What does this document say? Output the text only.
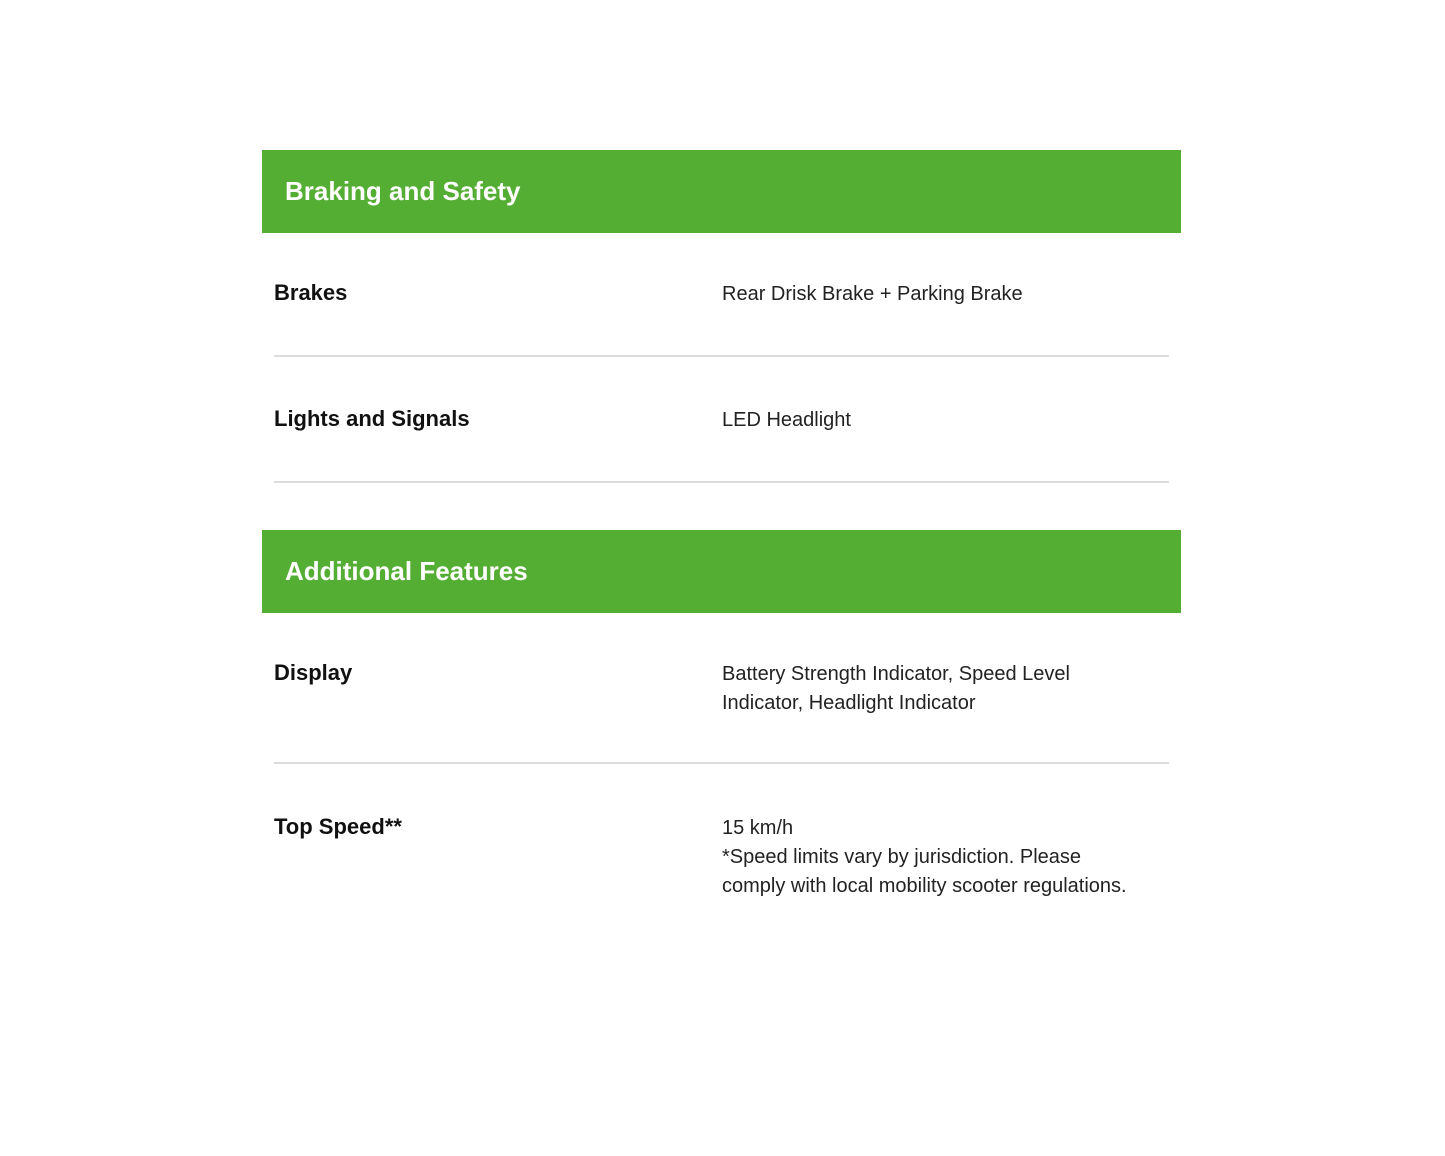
Braking and Safety
Brakes	Rear Drisk Brake + Parking Brake
Lights and Signals	LED Headlight
Additional Features
Display	Battery Strength Indicator, Speed Level
Indicator, Headlight Indicator
Top Speed**	15 km/h
*Speed limits vary by jurisdiction. Please
comply with local mobility scooter regulations.
